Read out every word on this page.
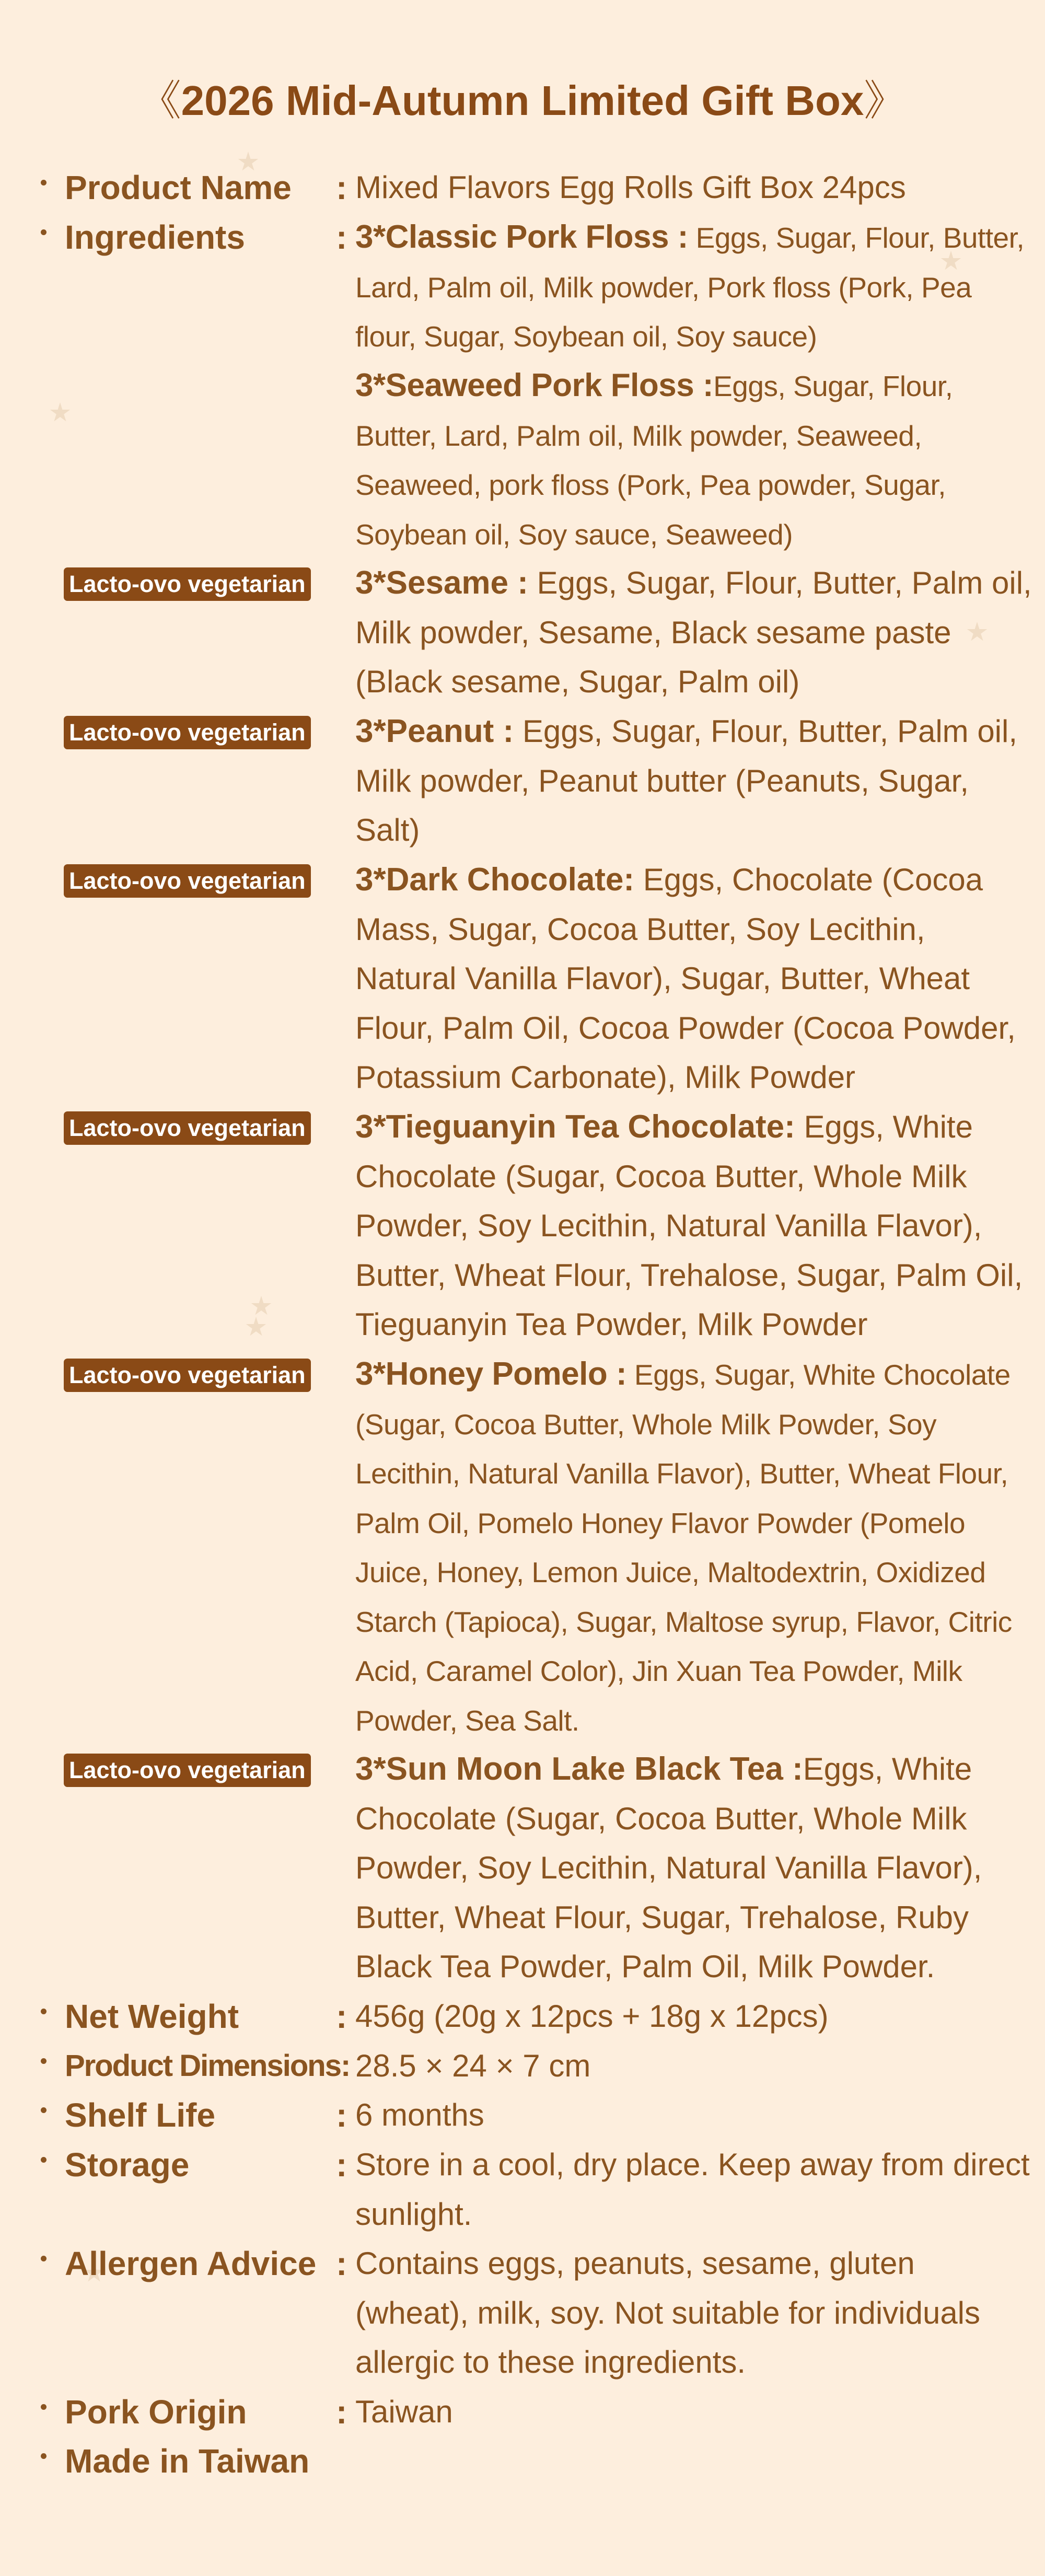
《2026 Mid-Autumn Limited Gift Box》
Product Name : Mixed Flavors Egg Rolls Gift Box 24pcs
Ingredients	: 3*Classic Pork Floss : Eggs, Sugar, Flour, Butter, Lard, Palm oil, Milk powder, Pork floss (Pork, Pea flour, Sugar, Soybean oil, Soy sauce)
3*Seaweed Pork Floss :Eggs, Sugar, Flour, Butter, Lard, Palm oil, Milk powder, Seaweed, Seaweed, pork floss (Pork, Pea powder, Sugar, Soybean oil, Soy sauce, Seaweed)
Lacto-ovo vegetarian 3*Sesame : Eggs, Sugar, Flour, Butter, Palm oil, Milk powder, Sesame, Black sesame paste (Black sesame, Sugar, Palm oil)
Lacto-ovo vegetarian 3*Peanut : Eggs, Sugar, Flour, Butter, Palm oil, Milk powder, Peanut butter (Peanuts, Sugar, Salt)
Lacto-ovo vegetarian 3*Dark Chocolate: Eggs, Chocolate (Cocoa Mass, Sugar, Cocoa Butter, Soy Lecithin, Natural Vanilla Flavor), Sugar, Butter, Wheat Flour, Palm Oil, Cocoa Powder (Cocoa Powder, Potassium Carbonate), Milk Powder
Lacto-ovo vegetarian 3*Tieguanyin Tea Chocolate: Eggs, White Chocolate (Sugar, Cocoa Butter, Whole Milk Powder, Soy Lecithin, Natural Vanilla Flavor), Butter, Wheat Flour, Trehalose, Sugar, Palm Oil, Tieguanyin Tea Powder, Milk Powder
Lacto-ovo vegetarian 3*Honey Pomelo : Eggs, Sugar, White Chocolate (Sugar, Cocoa Butter, Whole Milk Powder, Soy Lecithin, Natural Vanilla Flavor), Butter, Wheat Flour, Palm Oil, Pomelo Honey Flavor Powder (Pomelo Juice, Honey, Lemon Juice, Maltodextrin, Oxidized Starch (Tapioca), Sugar, Maltose syrup, Flavor, Citric Acid, Caramel Color), Jin Xuan Tea Powder, Milk Powder, Sea Salt.
Lacto-ovo vegetarian 3*Sun Moon Lake Black Tea :Eggs, White Chocolate (Sugar, Cocoa Butter, Whole Milk Powder, Soy Lecithin, Natural Vanilla Flavor), Butter, Wheat Flour, Sugar, Trehalose, Ruby Black Tea Powder, Palm Oil, Milk Powder.
Net Weight	: 456g (20g x 12pcs + 18g x 12pcs)
Product Dimensions: 28.5 × 24 × 7 cm
Shelf Life	: 6 months
Storage	: Store in a cool, dry place. Keep away from direct sunlight.
Allergen Advice : Contains eggs, peanuts, sesame, gluten (wheat), milk, soy. Not suitable for individuals allergic to these ingredients.
Pork Origin	: Taiwan
Made in Taiwan
